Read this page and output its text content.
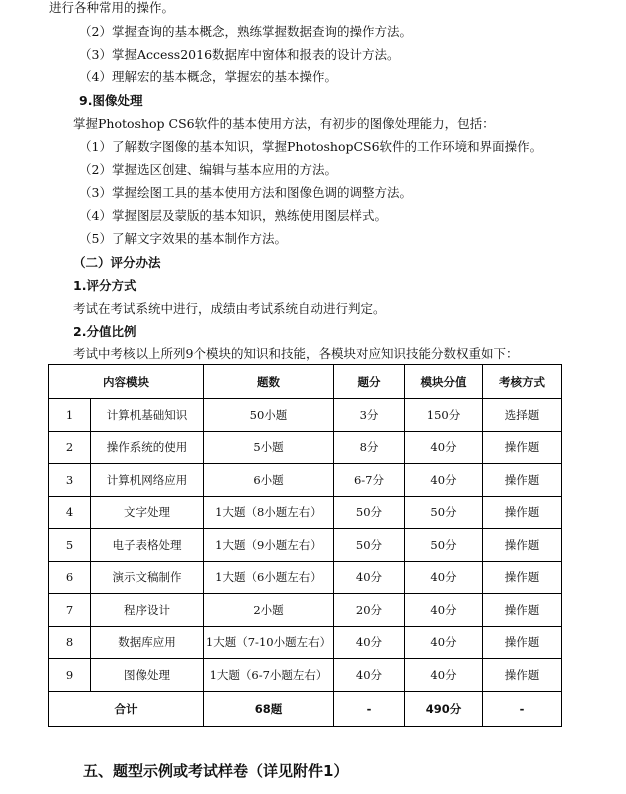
进行各种常用的操作。
（2）掌握查询的基本概念，熟练掌握数据查询的操作方法。
（3）掌握Access2016数据库中窗体和报表的设计方法。
（4）理解宏的基本概念，掌握宏的基本操作。
9.图像处理
掌握Photoshop CS6软件的基本使用方法，有初步的图像处理能力，包括：
（1）了解数字图像的基本知识，掌握PhotoshopCS6软件的工作环境和界面操作。
（2）掌握选区创建、编辑与基本应用的方法。
（3）掌握绘图工具的基本使用方法和图像色调的调整方法。
（4）掌握图层及蒙版的基本知识，熟练使用图层样式。
（5）了解文字效果的基本制作方法。
（二）评分办法
1.评分方式
考试在考试系统中进行，成绩由考试系统自动进行判定。
2.分值比例
考试中考核以上所列9个模块的知识和技能，各模块对应知识技能分数权重如下：
内容模块		题数	题分	模块分值	考核方式
1	计算机基础知识	50小题	3分	150分	选择题
2	操作系统的使用	5小题	8分	40分	操作题
3	计算机网络应用	6小题	6-7分	40分	操作题
4	文字处理	1大题（8小题左右）	50分	50分	操作题
5	电子表格处理	1大题（9小题左右）	50分	50分	操作题
6	演示文稿制作	1大题（6小题左右）	40分	40分	操作题
7	程序设计	2小题	20分	40分	操作题
8	数据库应用	1大题（7-10小题左右）	40分	40分	操作题
9	图像处理	1大题（6-7小题左右）	40分	40分	操作题
合计		68题	-	490分	-
五、题型示例或考试样卷（详见附件1）
